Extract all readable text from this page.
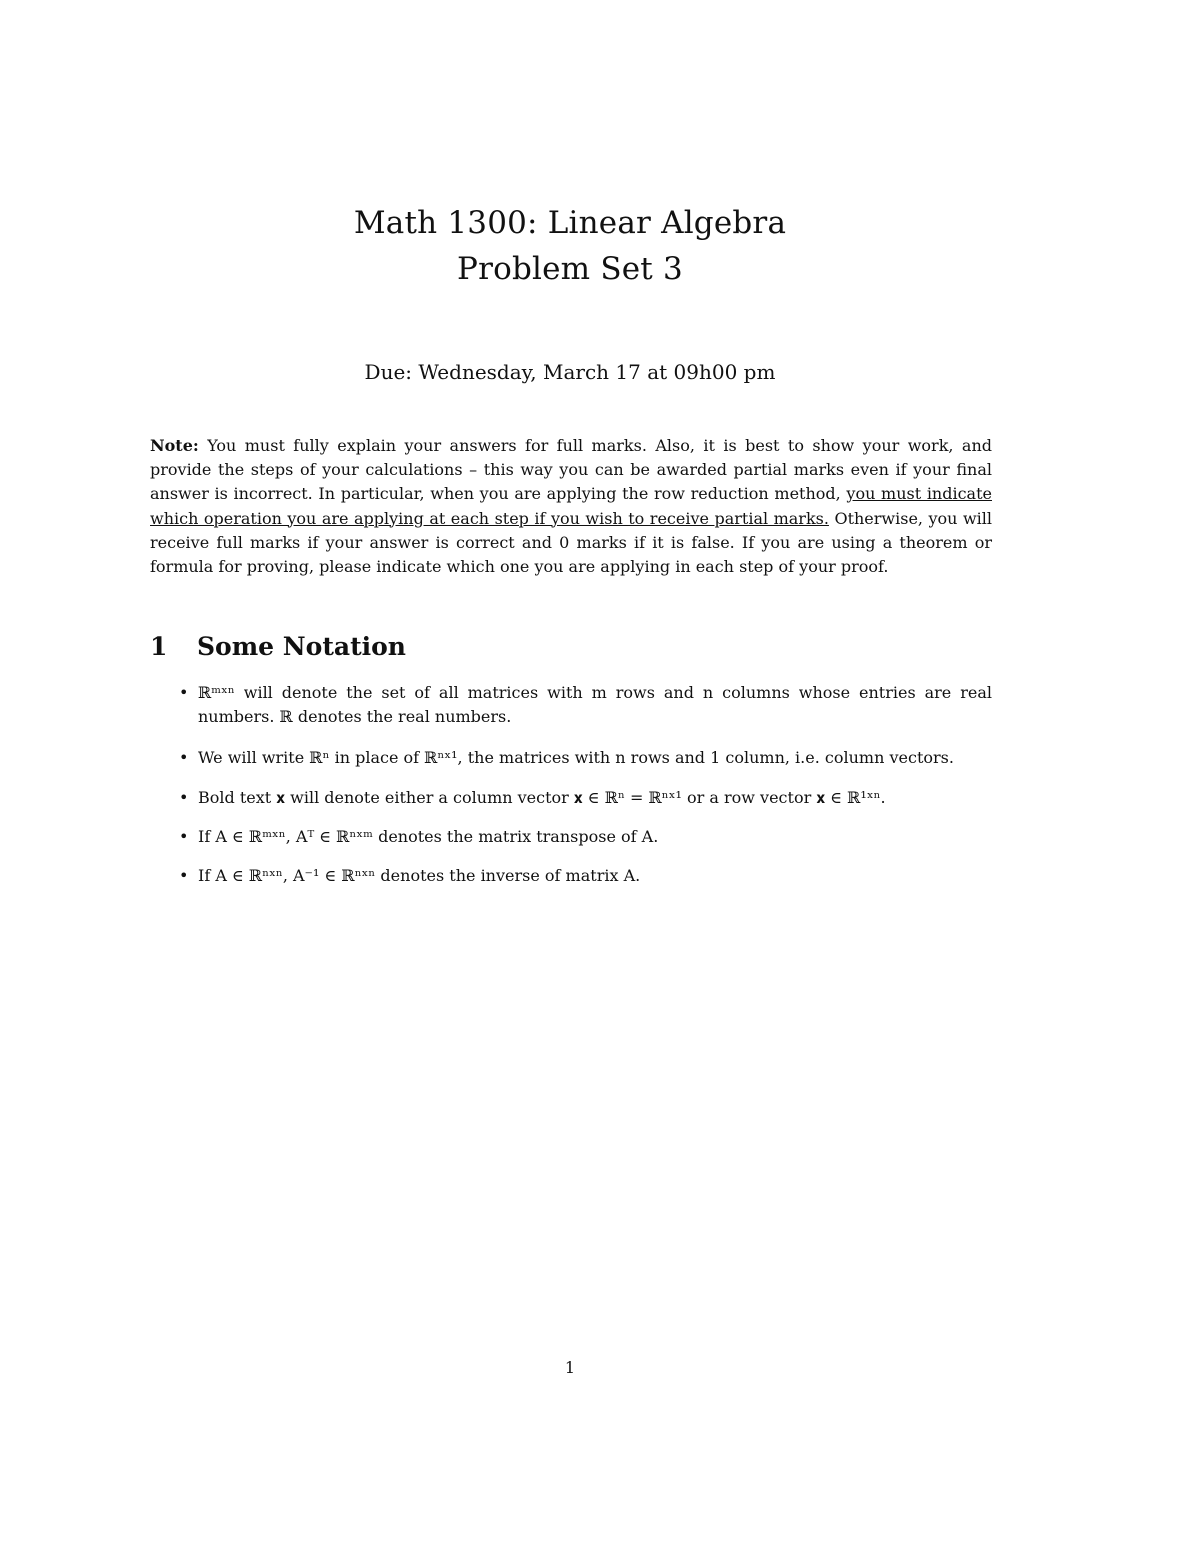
Math 1300: Linear Algebra
Problem Set 3
Due: Wednesday, March 17 at 09h00 pm
Note: You must fully explain your answers for full marks. Also, it is best to show your work, and provide the steps of your calculations – this way you can be awarded partial marks even if your final answer is incorrect. In particular, when you are applying the row reduction method, you must indicate which operation you are applying at each step if you wish to receive partial marks. Otherwise, you will receive full marks if your answer is correct and 0 marks if it is false. If you are using a theorem or formula for proving, please indicate which one you are applying in each step of your proof.
1 Some Notation
• ℝᵐˣⁿ will denote the set of all matrices with m rows and n columns whose entries are real numbers. ℝ denotes the real numbers.
• We will write ℝⁿ in place of ℝⁿˣ¹, the matrices with n rows and 1 column, i.e. column vectors.
• Bold text 𝐱 will denote either a column vector 𝐱 ∈ ℝⁿ = ℝⁿˣ¹ or a row vector 𝐱 ∈ ℝ¹ˣⁿ.
• If A ∈ ℝᵐˣⁿ, Aᵀ ∈ ℝⁿˣᵐ denotes the matrix transpose of A.
• If A ∈ ℝⁿˣⁿ, A⁻¹ ∈ ℝⁿˣⁿ denotes the inverse of matrix A.
1
